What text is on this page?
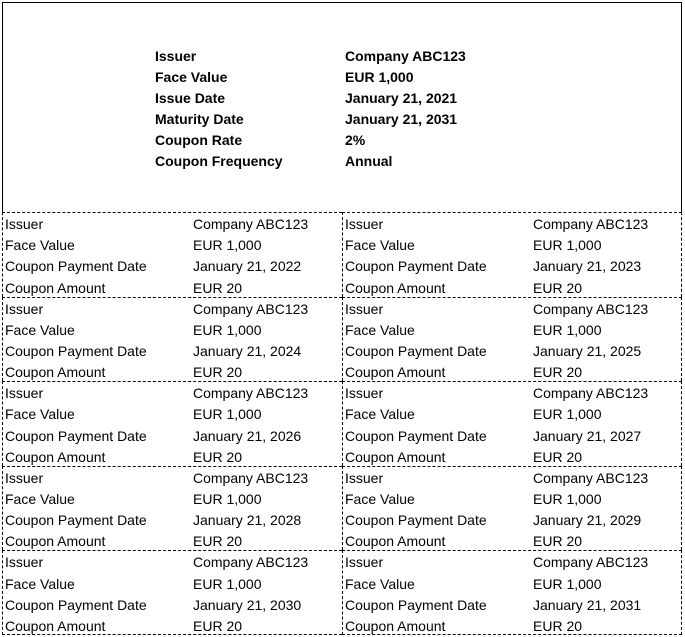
Issuer	Company ABC123
Face Value	EUR 1,000
Issue Date	January 21, 2021
Maturity Date	January 21, 2031
Coupon Rate	2%
Coupon Frequency	Annual
Issuer	Company ABC123
Face Value	EUR 1,000
Coupon Payment Date	January 21, 2022
Coupon Amount	EUR 20
Issuer	Company ABC123
Face Value	EUR 1,000
Coupon Payment Date	January 21, 2023
Coupon Amount	EUR 20
Issuer	Company ABC123
Face Value	EUR 1,000
Coupon Payment Date	January 21, 2024
Coupon Amount	EUR 20
Issuer	Company ABC123
Face Value	EUR 1,000
Coupon Payment Date	January 21, 2025
Coupon Amount	EUR 20
Issuer	Company ABC123
Face Value	EUR 1,000
Coupon Payment Date	January 21, 2026
Coupon Amount	EUR 20
Issuer	Company ABC123
Face Value	EUR 1,000
Coupon Payment Date	January 21, 2027
Coupon Amount	EUR 20
Issuer	Company ABC123
Face Value	EUR 1,000
Coupon Payment Date	January 21, 2028
Coupon Amount	EUR 20
Issuer	Company ABC123
Face Value	EUR 1,000
Coupon Payment Date	January 21, 2029
Coupon Amount	EUR 20
Issuer	Company ABC123
Face Value	EUR 1,000
Coupon Payment Date	January 21, 2030
Coupon Amount	EUR 20
Issuer	Company ABC123
Face Value	EUR 1,000
Coupon Payment Date	January 21, 2031
Coupon Amount	EUR 20
